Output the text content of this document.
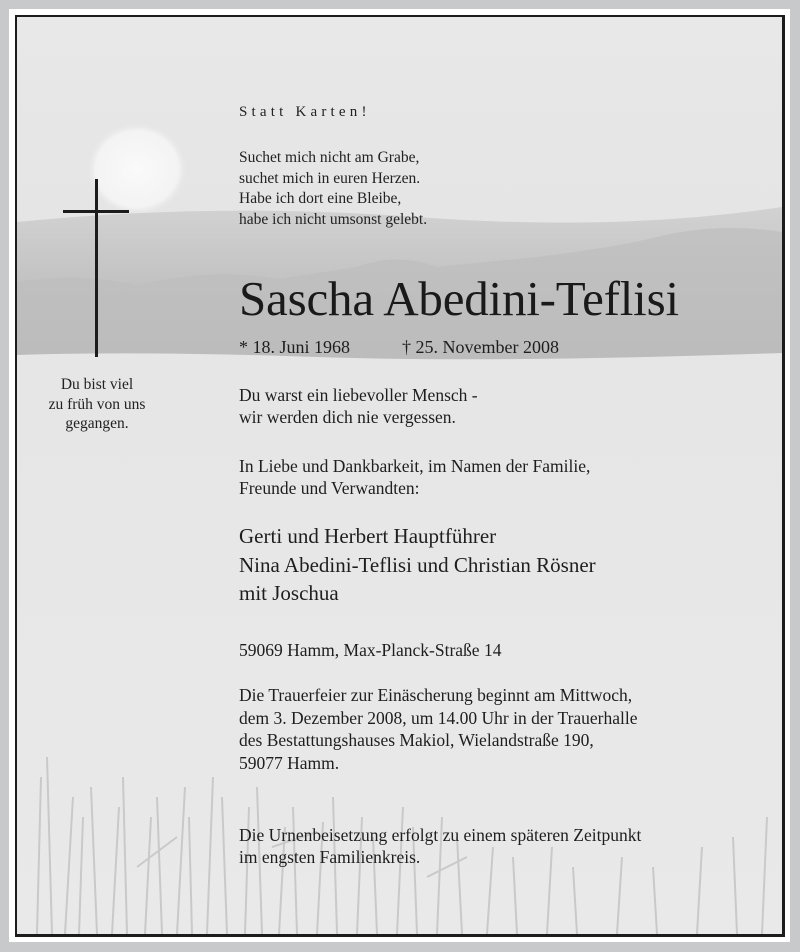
Du bist viel
zu früh von uns
gegangen.
Statt Karten!
Suchet mich nicht am Grabe,
suchet mich in euren Herzen.
Habe ich dort eine Bleibe,
habe ich nicht umsonst gelebt.
Sascha Abedini-Teflisi
* 18. Juni 1968	† 25. November 2008
Du warst ein liebevoller Mensch -
wir werden dich nie vergessen.
In Liebe und Dankbarkeit, im Namen der Familie,
Freunde und Verwandten:
Gerti und Herbert Hauptführer
Nina Abedini-Teflisi und Christian Rösner
mit Joschua
59069 Hamm, Max-Planck-Straße 14
Die Trauerfeier zur Einäscherung beginnt am Mittwoch,
dem 3. Dezember 2008, um 14.00 Uhr in der Trauerhalle
des Bestattungshauses Makiol, Wielandstraße 190,
59077 Hamm.
Die Urnenbeisetzung erfolgt zu einem späteren Zeitpunkt
im engsten Familienkreis.
